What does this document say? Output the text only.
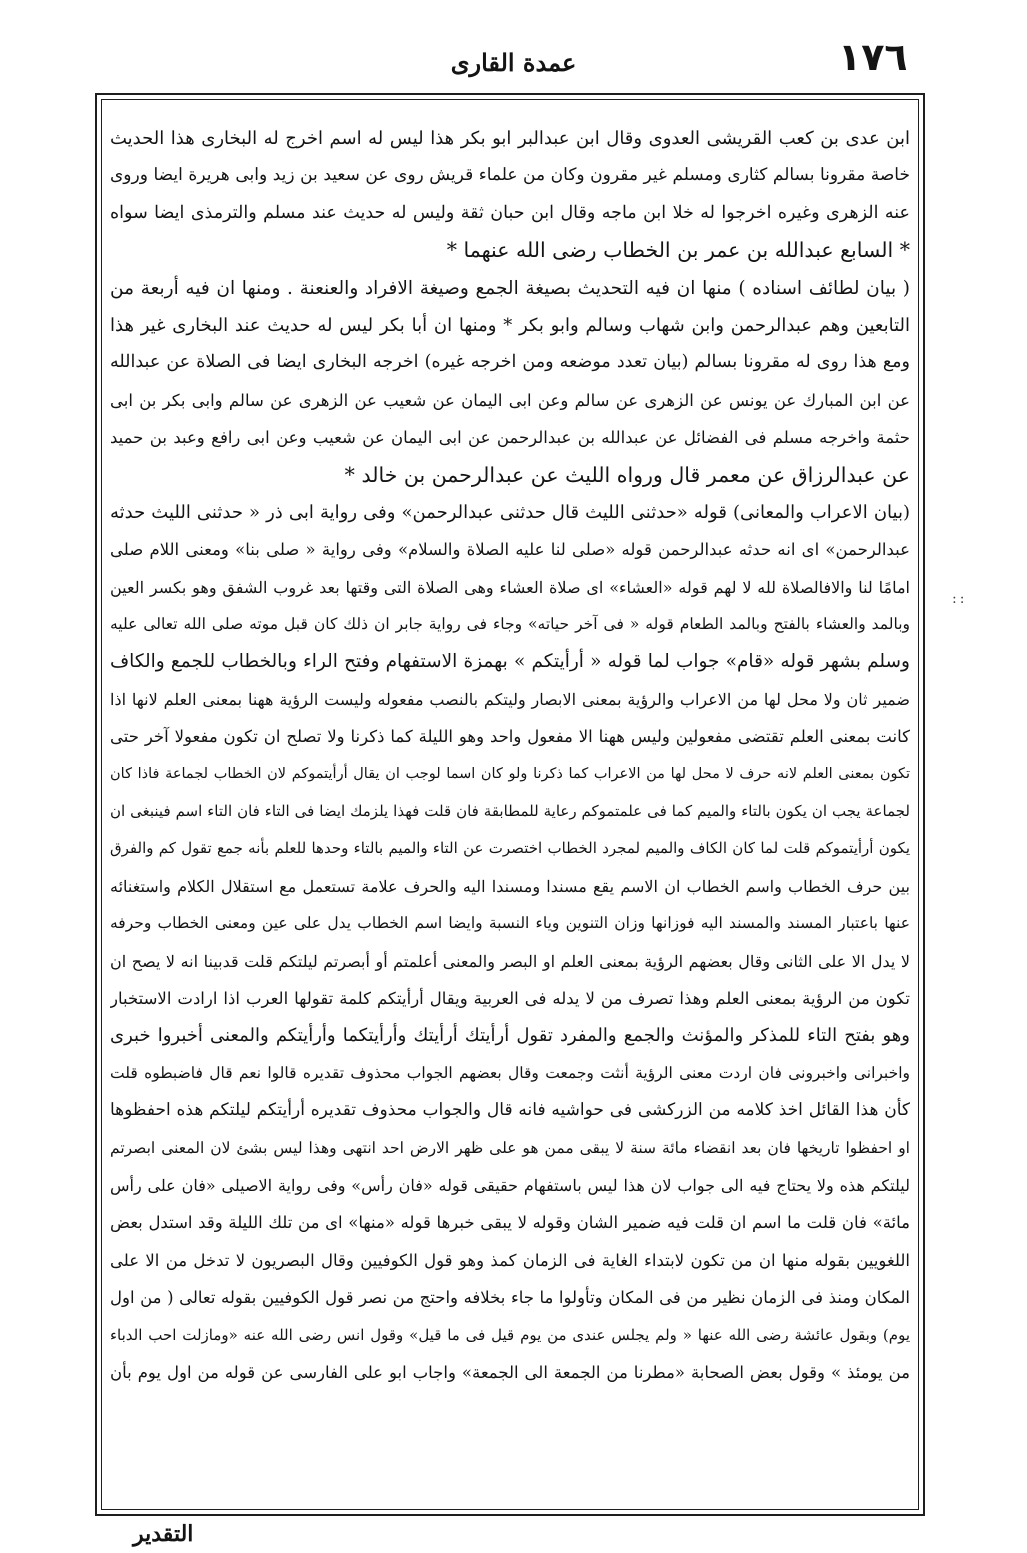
١٧٦
عمدة القارى
ابن عدى بن كعب القريشى العدوى وقال ابن عبدالبر ابو بكر هذا ليس له اسم اخرج له البخارى هذا الحديث
خاصة مقرونا بسالم كثارى ومسلم غير مقرون وكان من علماء قريش روى عن سعيد بن زيد وابى هريرة ايضا وروى
عنه الزهرى وغيره اخرجوا له خلا ابن ماجه وقال ابن حبان ثقة وليس له حديث عند مسلم والترمذى ايضا سواه
* السابع عبدالله بن عمر بن الخطاب رضى الله عنهما *
( بيان لطائف اسناده ) منها ان فيه التحديث بصيغة الجمع وصيغة الافراد والعنعنة . ومنها ان فيه أربعة من
التابعين وهم عبدالرحمن وابن شهاب وسالم وابو بكر * ومنها ان أبا بكر ليس له حديث عند البخارى غير هذا
ومع هذا روى له مقرونا بسالم (بيان تعدد موضعه ومن اخرجه غيره) اخرجه البخارى ايضا فى الصلاة عن عبدالله
عن ابن المبارك عن يونس عن الزهرى عن سالم وعن ابى اليمان عن شعيب عن الزهرى عن سالم وابى بكر بن ابى
حثمة واخرجه مسلم فى الفضائل عن عبدالله بن عبدالرحمن عن ابى اليمان عن شعيب وعن ابى رافع وعبد بن حميد
عن عبدالرزاق عن معمر قال ورواه الليث عن عبدالرحمن بن خالد *
(بيان الاعراب والمعانى) قوله «حدثنى الليث قال حدثنى عبدالرحمن» وفى رواية ابى ذر « حدثنى الليث حدثه
عبدالرحمن» اى انه حدثه عبدالرحمن قوله «صلى لنا عليه الصلاة والسلام» وفى رواية « صلى بنا» ومعنى اللام صلى
امامًا لنا والافالصلاة لله لا لهم قوله «العشاء» اى صلاة العشاء وهى الصلاة التى وقتها بعد غروب الشفق وهو بكسر العين
وبالمد والعشاء بالفتح وبالمد الطعام قوله « فى آخر حياته» وجاء فى رواية جابر ان ذلك كان قبل موته صلى الله تعالى عليه
وسلم بشهر قوله «قام» جواب لما قوله « أرأيتكم » بهمزة الاستفهام وفتح الراء وبالخطاب للجمع والكاف
ضمير ثان ولا محل لها من الاعراب والرؤية بمعنى الابصار وليتكم بالنصب مفعوله وليست الرؤية ههنا بمعنى العلم لانها اذا
كانت بمعنى العلم تقتضى مفعولين وليس ههنا الا مفعول واحد وهو الليلة كما ذكرنا ولا تصلح ان تكون مفعولا آخر حتى
تكون بمعنى العلم لانه حرف لا محل لها من الاعراب كما ذكرنا ولو كان اسما لوجب ان يقال أرأيتموكم لان الخطاب لجماعة فاذا كان
لجماعة يجب ان يكون بالتاء والميم كما فى علمتموكم رعاية للمطابقة فان قلت فهذا يلزمك ايضا فى التاء فان التاء اسم فينبغى ان
يكون أرأيتموكم قلت لما كان الكاف والميم لمجرد الخطاب اختصرت عن التاء والميم بالتاء وحدها للعلم بأنه جمع تقول كم والفرق
بين حرف الخطاب واسم الخطاب ان الاسم يقع مسندا ومسندا اليه والحرف علامة تستعمل مع استقلال الكلام واستغنائه
عنها باعتبار المسند والمسند اليه فوزانها وزان التنوين وياء النسبة وايضا اسم الخطاب يدل على عين ومعنى الخطاب وحرفه
لا يدل الا على الثانى وقال بعضهم الرؤية بمعنى العلم او البصر والمعنى أعلمتم أو أبصرتم ليلتكم قلت قدبينا انه لا يصح ان
تكون من الرؤية بمعنى العلم وهذا تصرف من لا يدله فى العربية ويقال أرأيتكم كلمة تقولها العرب اذا ارادت الاستخبار
وهو بفتح التاء للمذكر والمؤنث والجمع والمفرد تقول أرأيتك أرأيتك وأرأيتكما وأرأيتكم والمعنى أخبروا خبرى
واخبرانى واخبرونى فان اردت معنى الرؤية أنثت وجمعت وقال بعضهم الجواب محذوف تقديره قالوا نعم قال فاضبطوه قلت
كأن هذا القائل اخذ كلامه من الزركشى فى حواشيه فانه قال والجواب محذوف تقديره أرأيتكم ليلتكم هذه احفظوها
او احفظوا تاريخها فان بعد انقضاء مائة سنة لا يبقى ممن هو على ظهر الارض احد انتهى وهذا ليس بشئ لان المعنى ابصرتم
ليلتكم هذه ولا يحتاج فيه الى جواب لان هذا ليس باستفهام حقيقى قوله «فان رأس» وفى رواية الاصيلى «فان على رأس
مائة» فان قلت ما اسم ان قلت فيه ضمير الشان وقوله لا يبقى خبرها قوله «منها» اى من تلك الليلة وقد استدل بعض
اللغويين بقوله منها ان من تكون لابتداء الغاية فى الزمان كمذ وهو قول الكوفيين وقال البصريون لا تدخل من الا على
المكان ومنذ فى الزمان نظير من فى المكان وتأولوا ما جاء بخلافه واحتج من نصر قول الكوفيين بقوله تعالى ( من اول
يوم) وبقول عائشة رضى الله عنها « ولم يجلس عندى من يوم قيل فى ما قيل» وقول انس رضى الله عنه «ومازلت احب الدباء
من يومئذ » وقول بعض الصحابة «مطرنا من الجمعة الى الجمعة» واجاب ابو على الفارسى عن قوله من اول يوم بأن
::
التقدير
